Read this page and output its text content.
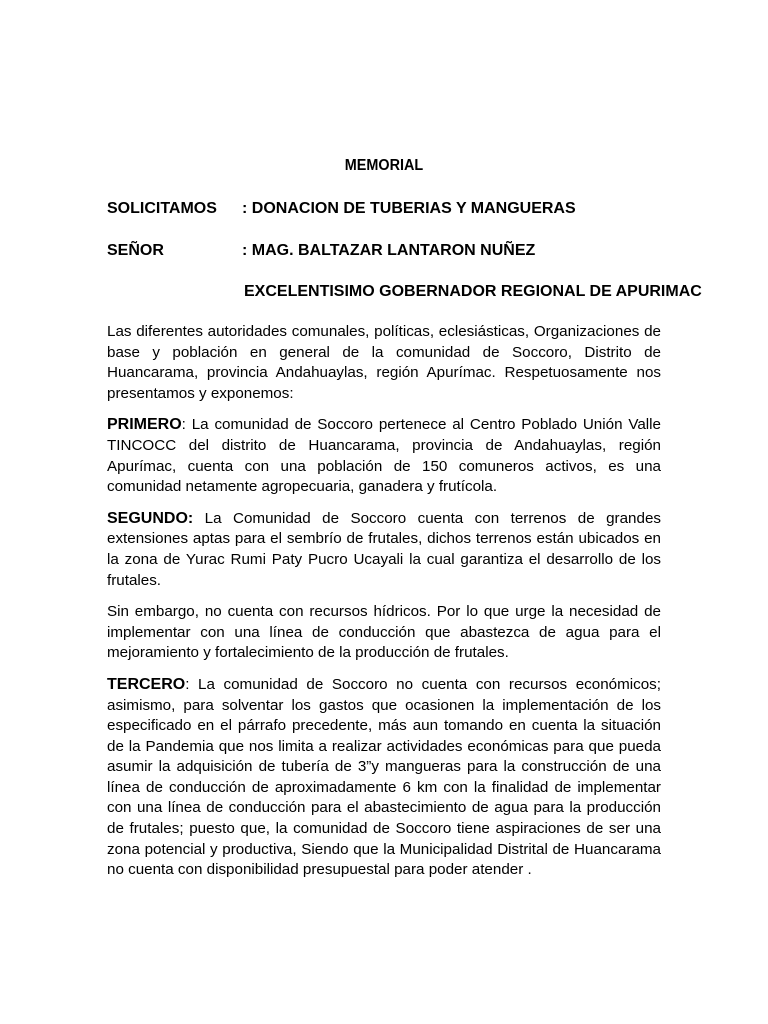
MEMORIAL
SOLICITAMOS : DONACION DE TUBERIAS Y MANGUERAS
SEÑOR	: MAG. BALTAZAR LANTARON NUÑEZ
EXCELENTISIMO GOBERNADOR REGIONAL DE APURIMAC

Las diferentes autoridades comunales, políticas, eclesiásticas, Organizaciones de base y población en general de la comunidad de Soccoro, Distrito de Huancarama, provincia Andahuaylas, región Apurímac. Respetuosamente nos presentamos y exponemos:

PRIMERO: La comunidad de Soccoro pertenece al Centro Poblado Unión Valle TINCOCC del distrito de Huancarama, provincia de Andahuaylas, región Apurímac, cuenta con una población de 150 comuneros activos, es una comunidad netamente agropecuaria, ganadera y frutícola.

SEGUNDO: La Comunidad de Soccoro cuenta con terrenos de grandes extensiones aptas para el sembrío de frutales, dichos terrenos están ubicados en la zona de Yurac Rumi Paty Pucro Ucayali la cual garantiza el desarrollo de los frutales.

Sin embargo, no cuenta con recursos hídricos. Por lo que urge la necesidad de implementar con una línea de conducción que abastezca de agua para el mejoramiento y fortalecimiento de la producción de frutales.

TERCERO: La comunidad de Soccoro no cuenta con recursos económicos; asimismo, para solventar los gastos que ocasionen la implementación de los especificado en el párrafo precedente, más aun tomando en cuenta la situación de la Pandemia que nos limita a realizar actividades económicas para que pueda asumir la adquisición de tubería de 3”y mangueras para la construcción de una línea de conducción de aproximadamente 6 km con la finalidad de implementar con una línea de conducción para el abastecimiento de agua para la producción de frutales; puesto que, la comunidad de Soccoro tiene aspiraciones de ser una zona potencial y productiva, Siendo que la Municipalidad Distrital de Huancarama no cuenta con disponibilidad presupuestal para poder atender .
